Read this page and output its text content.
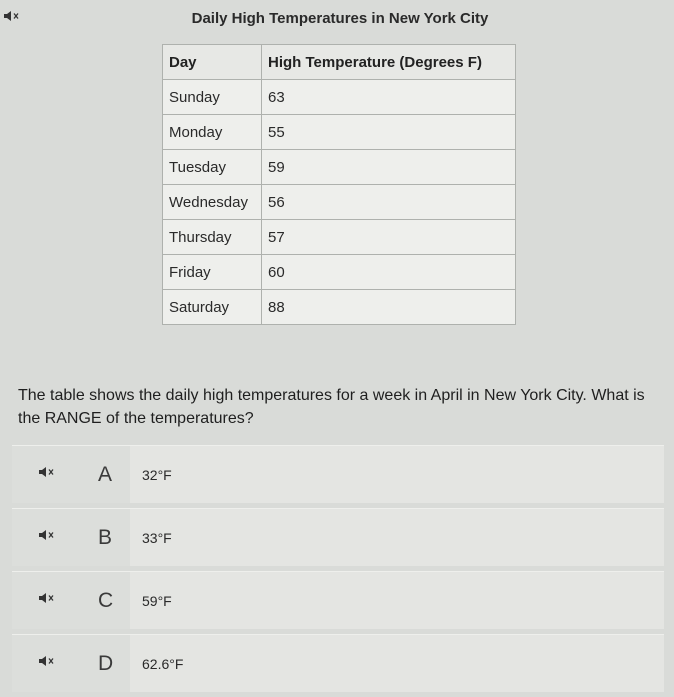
Daily High Temperatures in New York City
Day	High Temperature (Degrees F)
Sunday	63
Monday	55
Tuesday	59
Wednesday	56
Thursday	57
Friday	60
Saturday	88
The table shows the daily high temperatures for a week in April in New York City. What is the RANGE of the temperatures?
A 32°F
B 33°F
C 59°F
D 62.6°F
